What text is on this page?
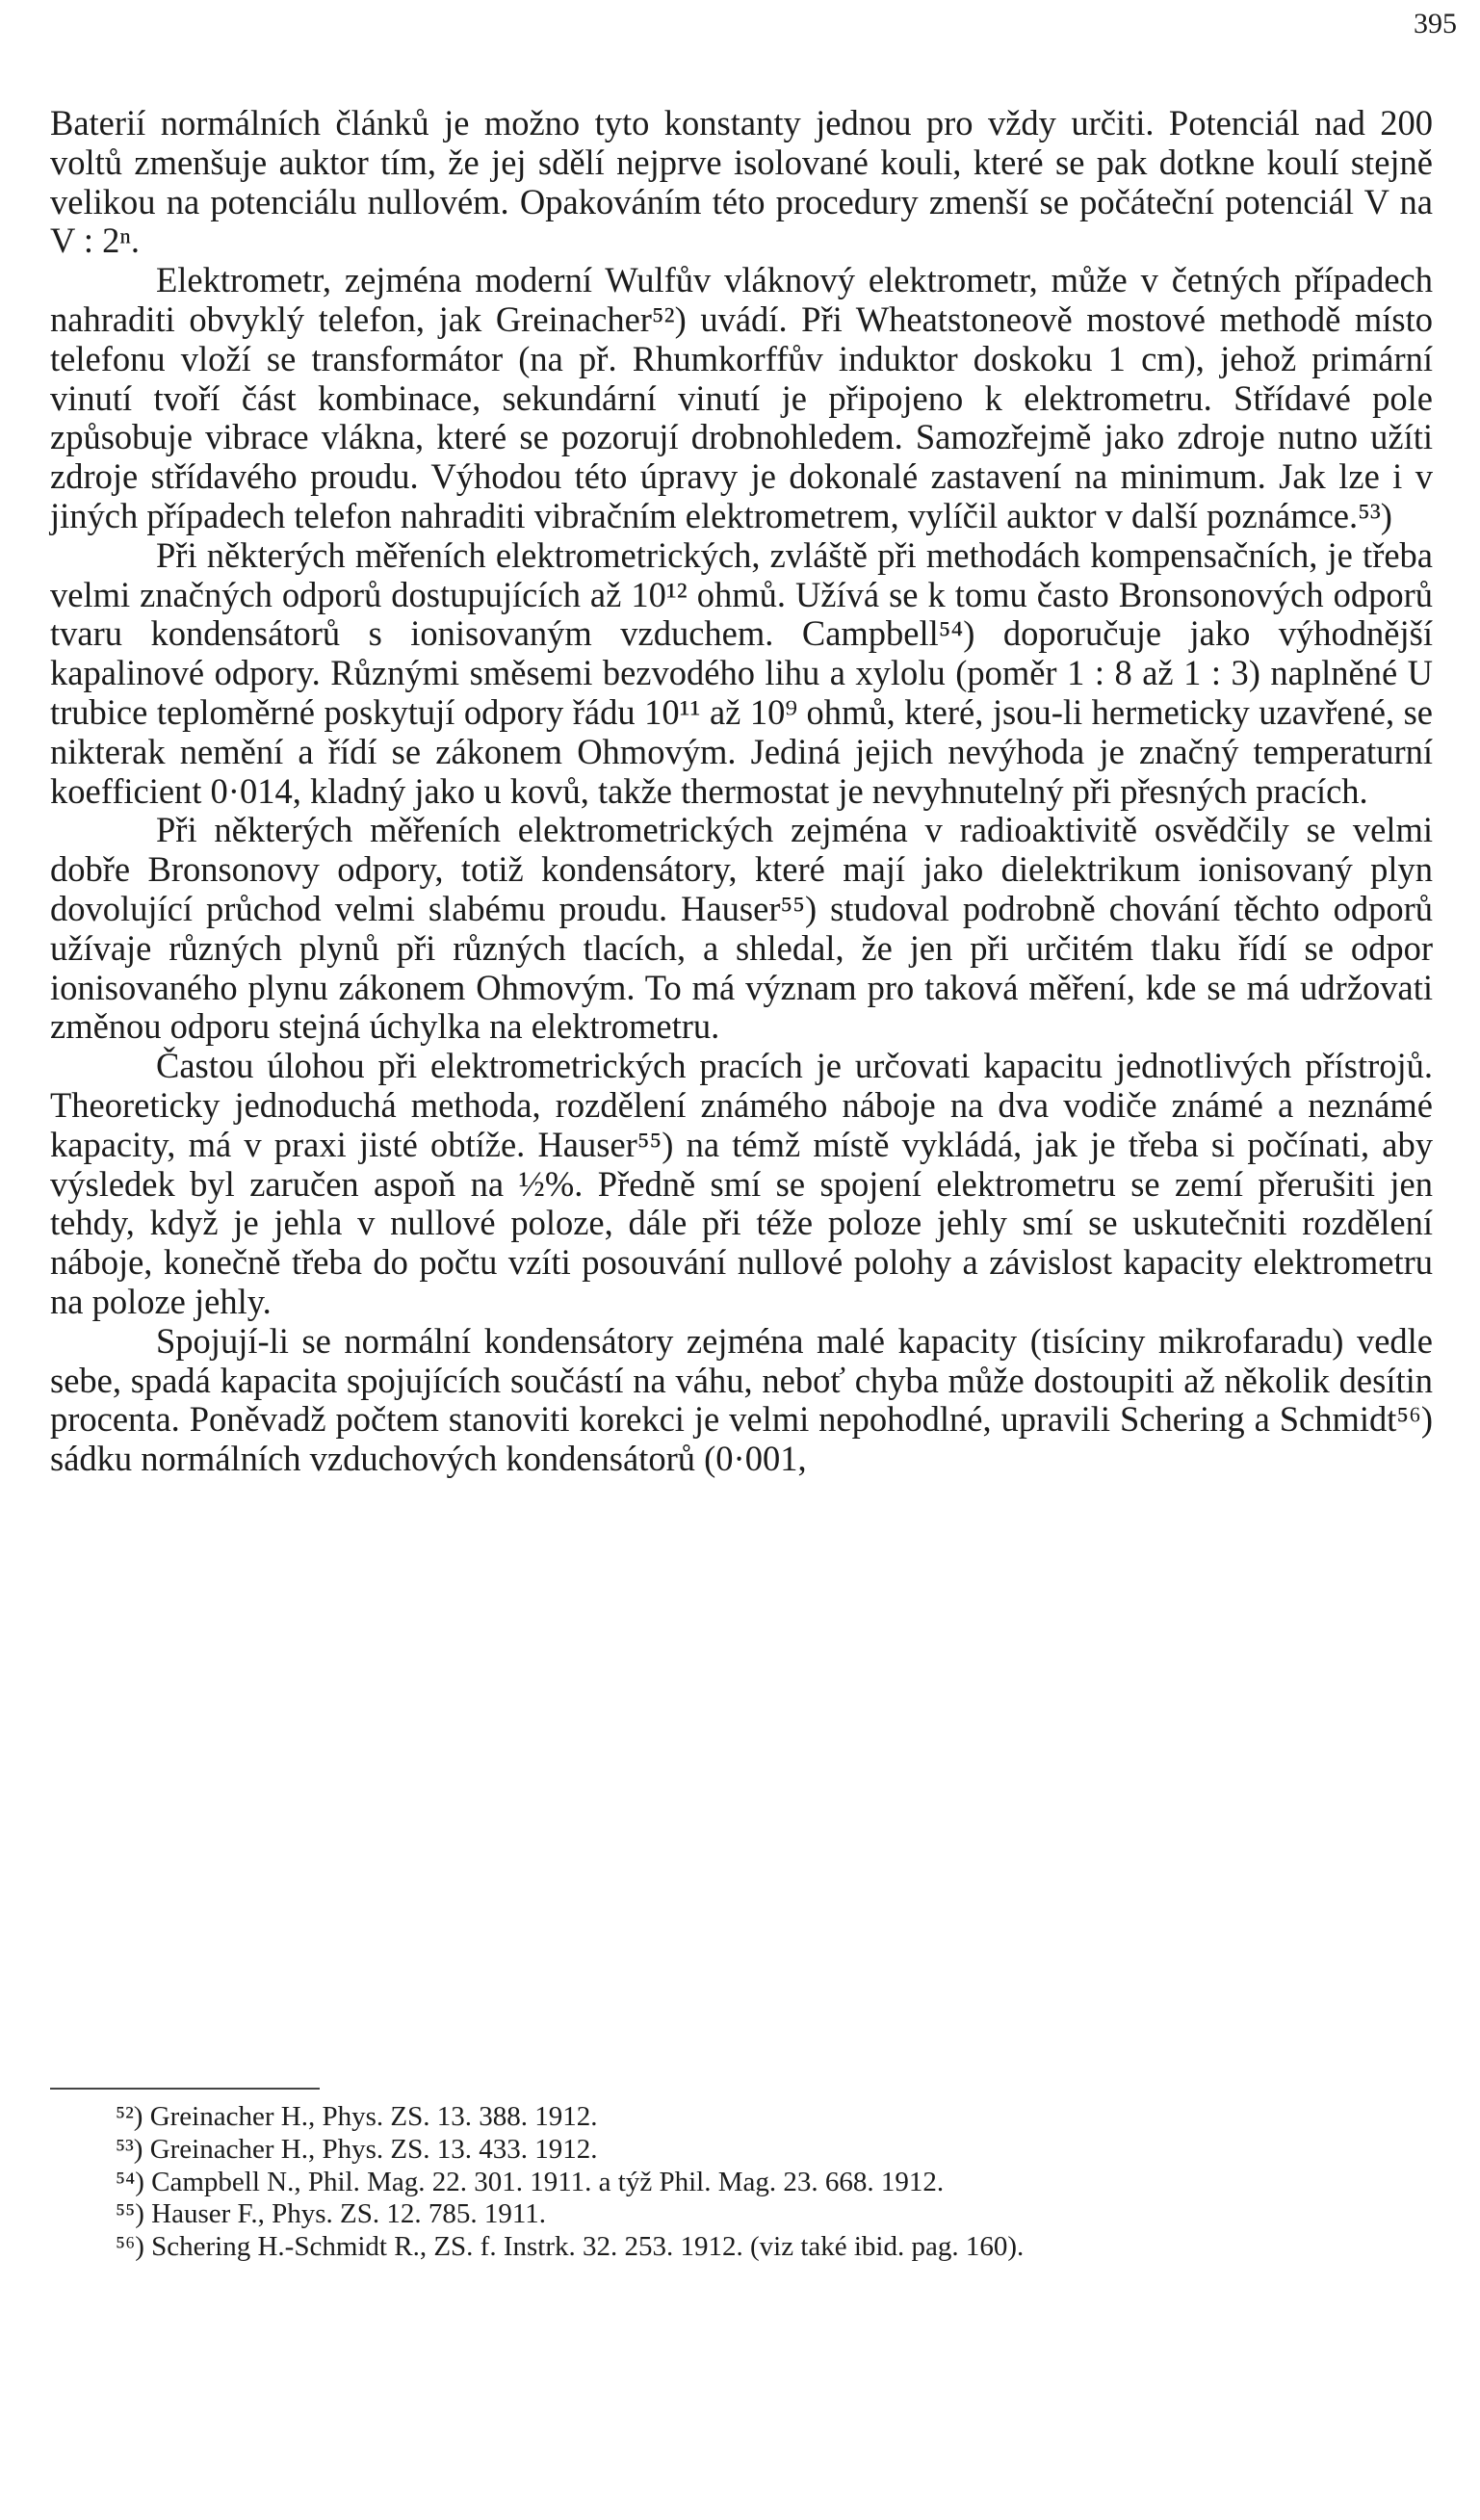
395

Baterií normálních článků je možno tyto konstanty jednou pro vždy určiti. Potenciál nad 200 voltů zmenšuje auktor tím, že jej sdělí nejprve isolované kouli, které se pak dotkne koulí stejně velikou na potenciálu nullovém. Opakováním této procedury zmenší se počáteční potenciál V na V : 2ⁿ.

Elektrometr, zejména moderní Wulfův vláknový elektrometr, může v četných případech nahraditi obvyklý telefon, jak Greinacher⁵²) uvádí. Při Wheatstoneově mostové methodě místo telefonu vloží se transformátor (na př. Rhumkorffův induktor doskoku 1 cm), jehož primární vinutí tvoří část kombinace, sekundární vinutí je připojeno k elektrometru. Střídavé pole způsobuje vibrace vlákna, které se pozorují drobnohledem. Samozřejmě jako zdroje nutno užíti zdroje střídavého proudu. Výhodou této úpravy je dokonalé zastavení na minimum. Jak lze i v jiných případech telefon nahraditi vibračním elektrometrem, vylíčil auktor v další poznámce.⁵³)

Při některých měřeních elektrometrických, zvláště při methodách kompensačních, je třeba velmi značných odporů dostupujících až 10¹² ohmů. Užívá se k tomu často Bronsonových odporů tvaru kondensátorů s ionisovaným vzduchem. Campbell⁵⁴) doporučuje jako výhodnější kapalinové odpory. Různými směsemi bezvodého lihu a xylolu (poměr 1 : 8 až 1 : 3) naplněné U trubice teploměrné poskytují odpory řádu 10¹¹ až 10⁹ ohmů, které, jsou-li hermeticky uzavřené, se nikterak nemění a řídí se zákonem Ohmovým. Jediná jejich nevýhoda je značný temperaturní koefficient 0·014, kladný jako u kovů, takže thermostat je nevyhnutelný při přesných pracích.

Při některých měřeních elektrometrických zejména v radioaktivitě osvědčily se velmi dobře Bronsonovy odpory, totiž kondensátory, které mají jako dielektrikum ionisovaný plyn dovolující průchod velmi slabému proudu. Hauser⁵⁵) studoval podrobně chování těchto odporů užívaje různých plynů při různých tlacích, a shledal, že jen při určitém tlaku řídí se odpor ionisovaného plynu zákonem Ohmovým. To má význam pro taková měření, kde se má udržovati změnou odporu stejná úchylka na elektrometru.

Častou úlohou při elektrometrických pracích je určovati kapacitu jednotlivých přístrojů. Theoreticky jednoduchá methoda, rozdělení známého náboje na dva vodiče známé a neznámé kapacity, má v praxi jisté obtíže. Hauser⁵⁵) na témž místě vykládá, jak je třeba si počínati, aby výsledek byl zaručen aspoň na ½%. Předně smí se spojení elektrometru se zemí přerušiti jen tehdy, když je jehla v nullové poloze, dále při téže poloze jehly smí se uskutečniti rozdělení náboje, konečně třeba do počtu vzíti posouvání nullové polohy a závislost kapacity elektrometru na poloze jehly.

Spojují-li se normální kondensátory zejména malé kapacity (tisíciny mikrofaradu) vedle sebe, spadá kapacita spojujících součástí na váhu, neboť chyba může dostoupiti až několik desítin procenta. Poněvadž počtem stanoviti korekci je velmi nepohodlné, upravili Schering a Schmidt⁵⁶) sádku normálních vzduchových kondensátorů (0·001,

⁵²) Greinacher H., Phys. ZS. 13. 388. 1912.
⁵³) Greinacher H., Phys. ZS. 13. 433. 1912.
⁵⁴) Campbell N., Phil. Mag. 22. 301. 1911. a týž Phil. Mag. 23. 668. 1912.
⁵⁵) Hauser F., Phys. ZS. 12. 785. 1911.
⁵⁶) Schering H.-Schmidt R., ZS. f. Instrk. 32. 253. 1912. (viz také ibid. pag. 160).
